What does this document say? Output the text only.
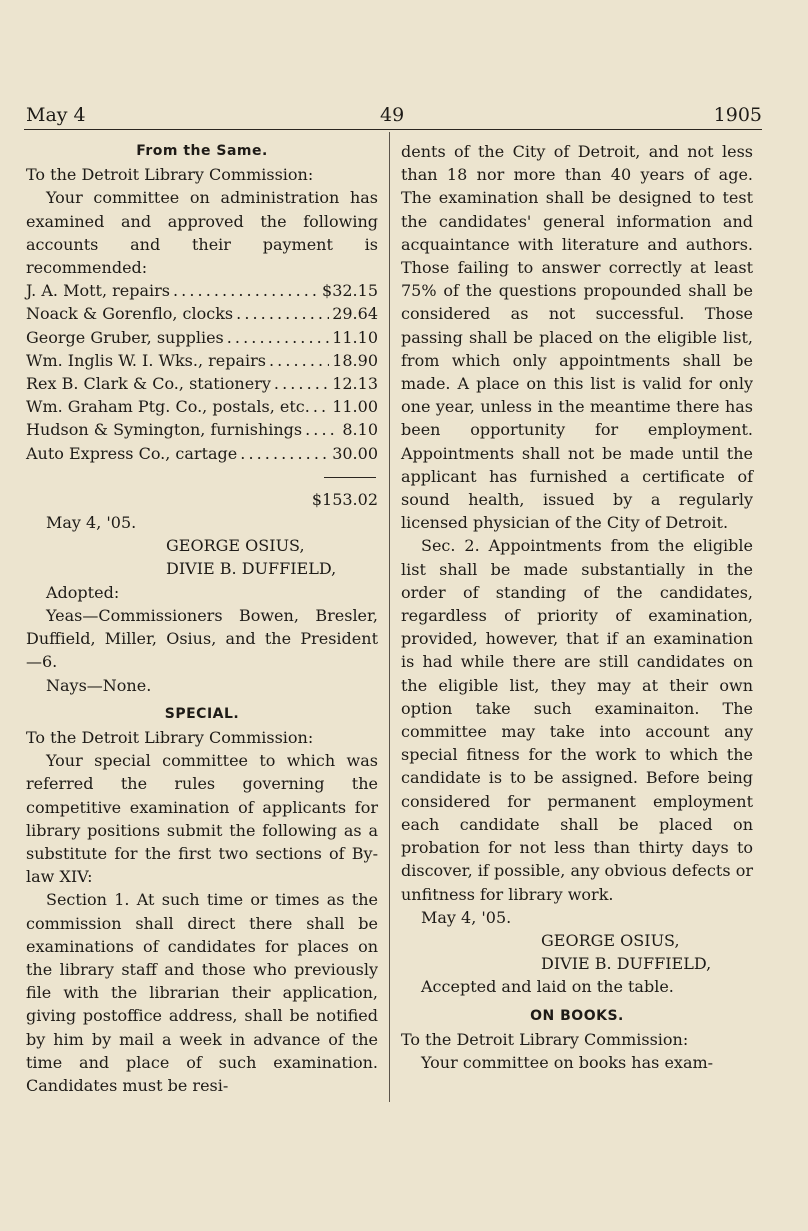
May 4	49	1905
From the Same.

To the Detroit Library Commission:

Your committee on administration has examined and approved the following accounts and their payment is recommended:

J. A. Mott, repairs . . .	$32.15
Noack & Gorenflo, clocks . . .	29.64
George Gruber, supplies . . .	11.10
Wm. Inglis W. I. Wks., repairs . . .	18.90
Rex B. Clark & Co., stationery . . .	12.13
Wm. Graham Ptg. Co., postals, etc. . . . 11.00
Hudson & Symington, furnishings . . .	8.10
Auto Express Co., cartage . . .	30.00
$153.02

May 4, '05.

GEORGE OSIUS,

DIVIE B. DUFFIELD,

Adopted:

Yeas—Commissioners Bowen, Bresler, Duffield, Miller, Osius, and the President —6.

Nays—None.

SPECIAL.

To the Detroit Library Commission:

Your special committee to which was referred the rules governing the competitive examination of applicants for library positions submit the following as a substitute for the first two sections of By-law XIV:

Section 1. At such time or times as the commission shall direct there shall be examinations of candidates for places on the library staff and those who previously file with the librarian their application, giving postoffice address, shall be notified by him by mail a week in advance of the time and place of such examination. Candidates must be resi-

dents of the City of Detroit, and not less than 18 nor more than 40 years of age. The examination shall be designed to test the candidates' general information and acquaintance with literature and authors. Those failing to answer correctly at least 75% of the questions propounded shall be considered as not successful. Those passing shall be placed on the eligible list, from which only appointments shall be made. A place on this list is valid for only one year, unless in the meantime there has been opportunity for employment. Appointments shall not be made until the applicant has furnished a certificate of sound health, issued by a regularly licensed physician of the City of Detroit.

Sec. 2. Appointments from the eligible list shall be made substantially in the order of standing of the candidates, regardless of priority of examination, provided, however, that if an examination is had while there are still candidates on the eligible list, they may at their own option take such examinaiton. The committee may take into account any special fitness for the work to which the candidate is to be assigned. Before being considered for permanent employment each candidate shall be placed on probation for not less than thirty days to discover, if possible, any obvious defects or unfitness for library work.

May 4, '05.

GEORGE OSIUS,

DIVIE B. DUFFIELD,

Accepted and laid on the table.

ON BOOKS.

To the Detroit Library Commission:

Your committee on books has exam-
